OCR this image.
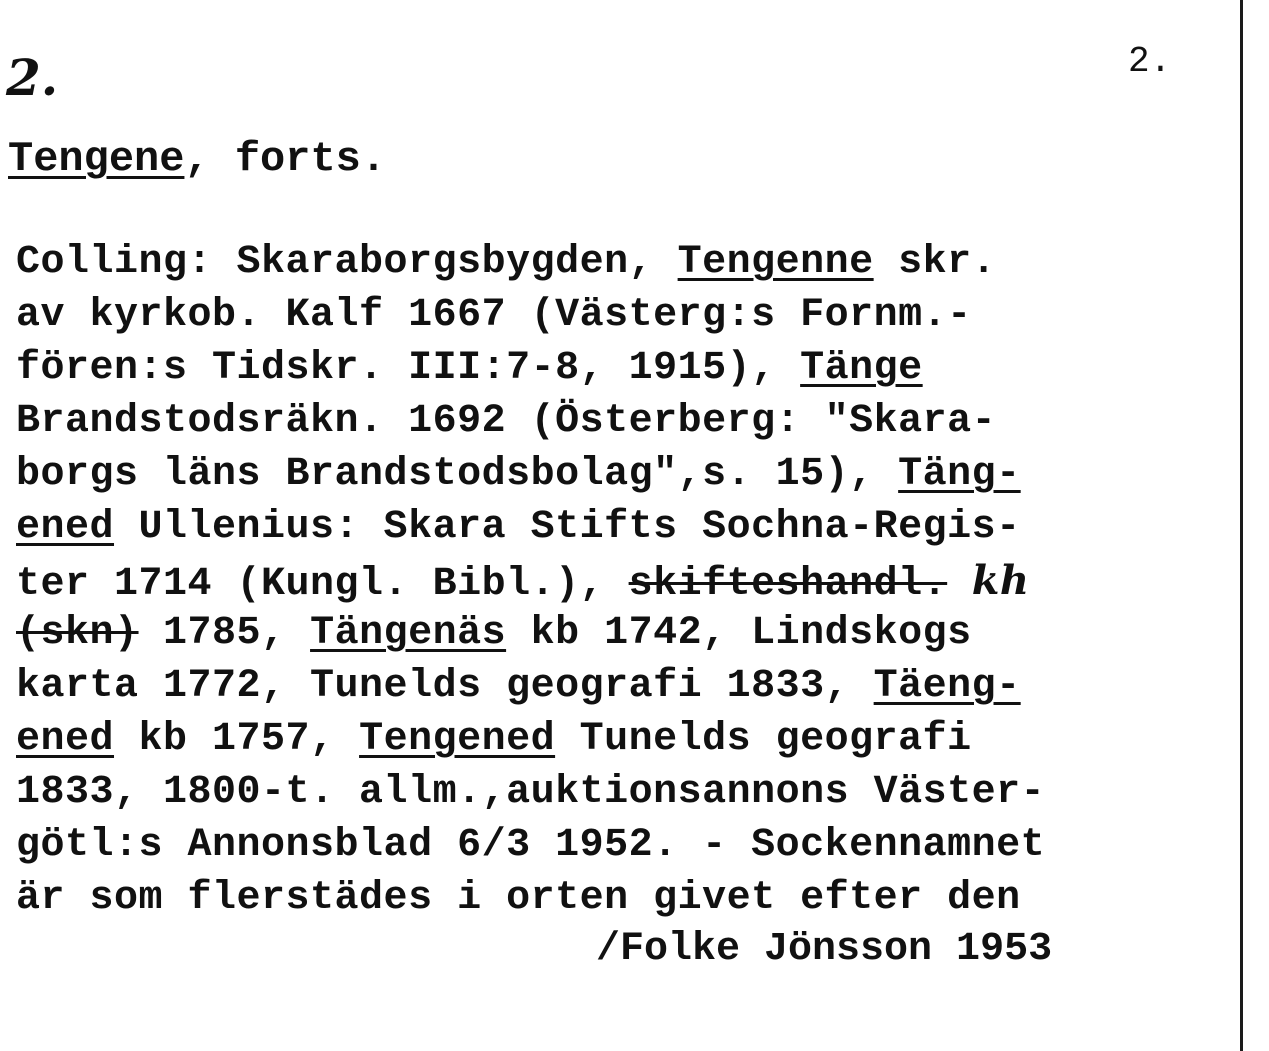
2.	2.
Tengene, forts.
Colling: Skaraborgsbygden, Tengenne skr.
av kyrkob. Kalf 1667 (Västerg:s Fornm.-
fören:s Tidskr. III:7-8, 1915), Tänge
Brandstodsräkn. 1692 (Österberg: "Skara-
borgs läns Brandstodsbolag",s. 15), Täng-
ened Ullenius: Skara Stifts Sochna-Regis-
ter 1714 (Kungl. Bibl.), skifteshandl. kh
(skn) 1785, Tängenäs kb 1742, Lindskogs
karta 1772, Tunelds geografi 1833, Täeng-
ened kb 1757, Tengened Tunelds geografi
1833, 1800-t. allm.,auktionsannons Väster-
götl:s Annonsblad 6/3 1952. - Sockennamnet
är som flerstädes i orten givet efter den
/Folke Jönsson 1953
